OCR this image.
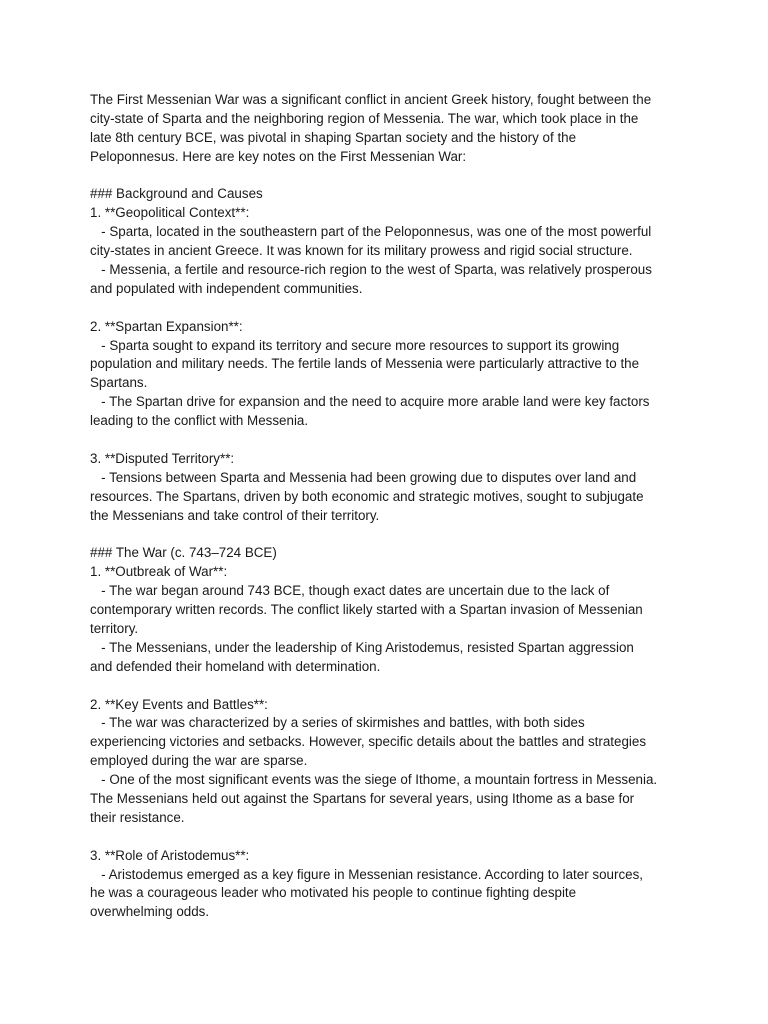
The First Messenian War was a significant conflict in ancient Greek history, fought between the
city-state of Sparta and the neighboring region of Messenia. The war, which took place in the
late 8th century BCE, was pivotal in shaping Spartan society and the history of the
Peloponnesus. Here are key notes on the First Messenian War:
### Background and Causes
1. **Geopolitical Context**:
- Sparta, located in the southeastern part of the Peloponnesus, was one of the most powerful
city-states in ancient Greece. It was known for its military prowess and rigid social structure.
- Messenia, a fertile and resource-rich region to the west of Sparta, was relatively prosperous
and populated with independent communities.
2. **Spartan Expansion**:
- Sparta sought to expand its territory and secure more resources to support its growing
population and military needs. The fertile lands of Messenia were particularly attractive to the
Spartans.
- The Spartan drive for expansion and the need to acquire more arable land were key factors
leading to the conflict with Messenia.
3. **Disputed Territory**:
- Tensions between Sparta and Messenia had been growing due to disputes over land and
resources. The Spartans, driven by both economic and strategic motives, sought to subjugate
the Messenians and take control of their territory.
### The War (c. 743–724 BCE)
1. **Outbreak of War**:
- The war began around 743 BCE, though exact dates are uncertain due to the lack of
contemporary written records. The conflict likely started with a Spartan invasion of Messenian
territory.
- The Messenians, under the leadership of King Aristodemus, resisted Spartan aggression
and defended their homeland with determination.
2. **Key Events and Battles**:
- The war was characterized by a series of skirmishes and battles, with both sides
experiencing victories and setbacks. However, specific details about the battles and strategies
employed during the war are sparse.
- One of the most significant events was the siege of Ithome, a mountain fortress in Messenia.
The Messenians held out against the Spartans for several years, using Ithome as a base for
their resistance.
3. **Role of Aristodemus**:
- Aristodemus emerged as a key figure in Messenian resistance. According to later sources,
he was a courageous leader who motivated his people to continue fighting despite
overwhelming odds.
